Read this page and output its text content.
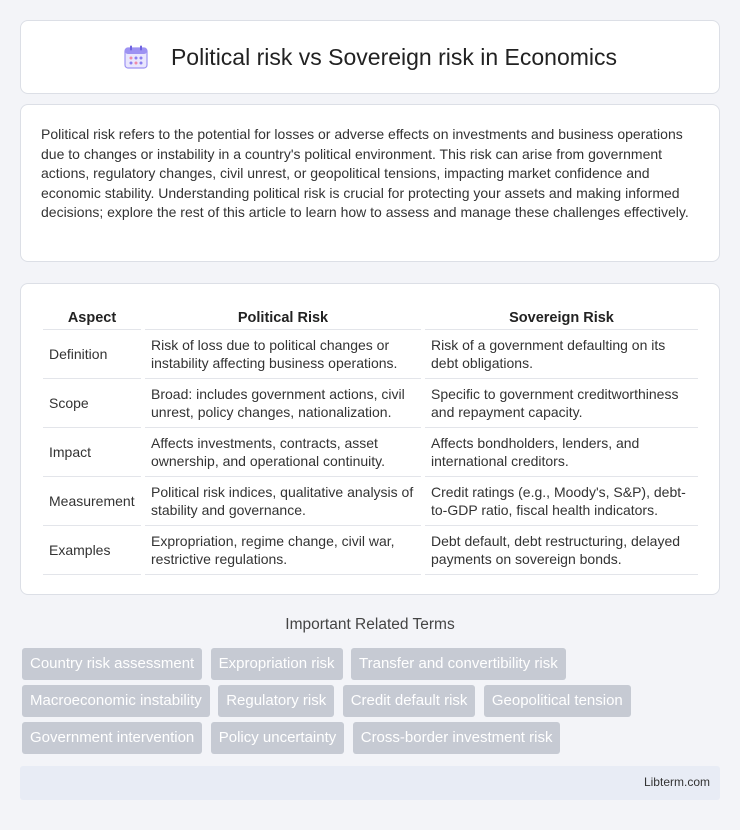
Political risk vs Sovereign risk in Economics

Political risk refers to the potential for losses or adverse effects on investments and business operations due to changes or instability in a country's political environment. This risk can arise from government actions, regulatory changes, civil unrest, or geopolitical tensions, impacting market confidence and economic stability. Understanding political risk is crucial for protecting your assets and making informed decisions; explore the rest of this article to learn how to assess and manage these challenges effectively.

Aspect	Political Risk	Sovereign Risk
Definition	Risk of loss due to political changes or instability affecting business operations.	Risk of a government defaulting on its debt obligations.
Scope	Broad: includes government actions, civil unrest, policy changes, nationalization.	Specific to government creditworthiness and repayment capacity.
Impact	Affects investments, contracts, asset ownership, and operational continuity.	Affects bondholders, lenders, and international creditors.
Measurement	Political risk indices, qualitative analysis of stability and governance.	Credit ratings (e.g., Moody's, S&P), debt-to-GDP ratio, fiscal health indicators.
Examples	Expropriation, regime change, civil war, restrictive regulations.	Debt default, debt restructuring, delayed payments on sovereign bonds.
Important Related Terms
Country risk assessment Expropriation risk Transfer and convertibility risk
Macroeconomic instability Regulatory risk Credit default risk Geopolitical tension
Government intervention Policy uncertainty Cross-border investment risk
Libterm.com
